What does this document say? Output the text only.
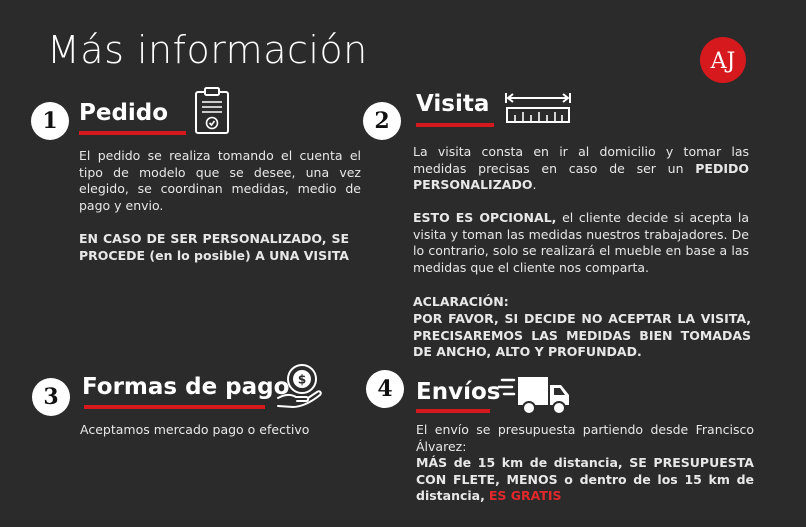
Más información	AJ
1 Pedido
El pedido se realiza tomando el cuenta el tipo de modelo que se desee, una vez elegido, se coordinan medidas, medio de pago y envio.
EN CASO DE SER PERSONALIZADO, SE PROCEDE (en lo posible) A UNA VISITA
2
Visita
La visita consta en ir al domicilio y tomar las medidas precisas en caso de ser un PEDIDO PERSONALIZADO.
ESTO ES OPCIONAL, el cliente decide si acepta la visita y toman las medidas nuestros trabajadores. De lo contrario, solo se realizará el mueble en base a las medidas que el cliente nos comparta.
ACLARACIÓN:
POR FAVOR, SI DECIDE NO ACEPTAR LA VISITA, PRECISAREMOS LAS MEDIDAS BIEN TOMADAS DE ANCHO, ALTO Y PROFUNDAD.
3	Formas de pago $
Aceptamos mercado pago o efectivo
4	Envíos
El envío se presupuesta partiendo desde Francisco Álvarez:
MÁS de 15 km de distancia, SE PRESUPUESTA CON FLETE, MENOS o dentro de los 15 km de distancia, ES GRATIS
